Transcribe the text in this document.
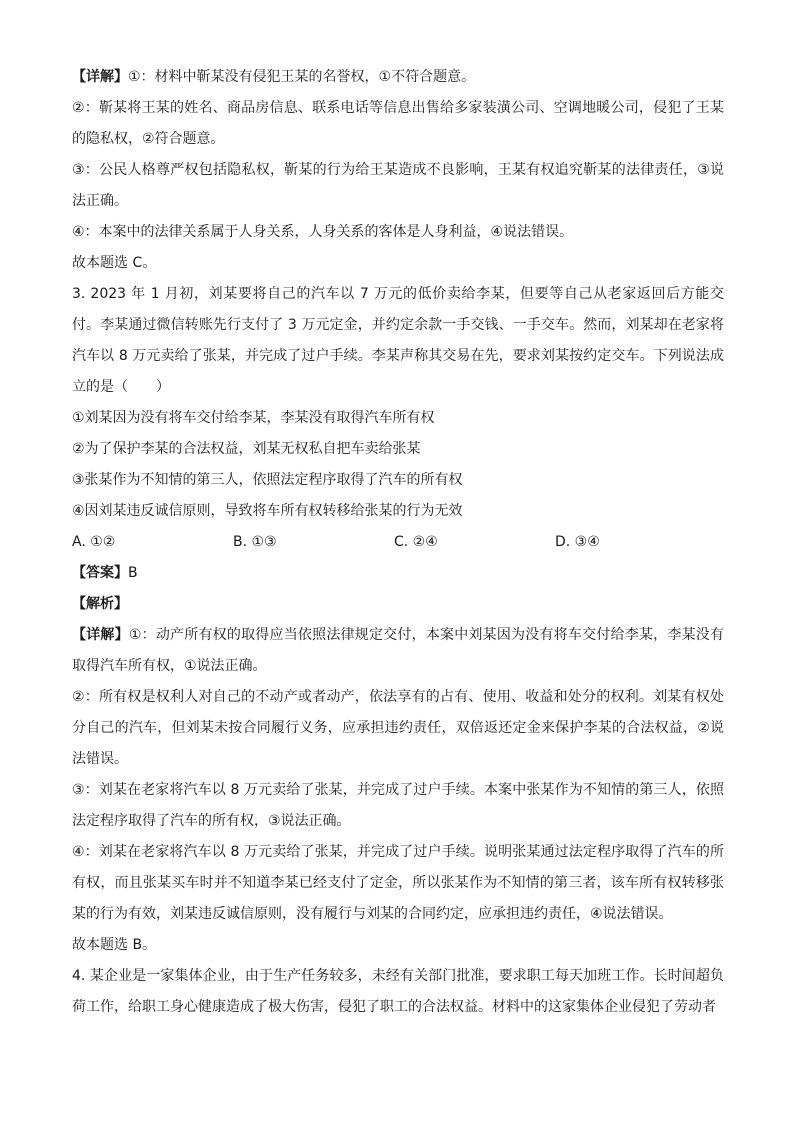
【详解】①：材料中靳某没有侵犯王某的名誉权，①不符合题意。

②：靳某将王某的姓名、商品房信息、联系电话等信息出售给多家装潢公司、空调地暖公司，侵犯了王某的隐私权，②符合题意。

③：公民人格尊严权包括隐私权，靳某的行为给王某造成不良影响，王某有权追究靳某的法律责任，③说法正确。

④：本案中的法律关系属于人身关系，人身关系的客体是人身利益，④说法错误。

故本题选 C。

3. 2023 年 1 月初，刘某要将自己的汽车以 7 万元的低价卖给李某，但要等自己从老家返回后方能交付。李某通过微信转账先行支付了 3 万元定金，并约定余款一手交钱、一手交车。然而，刘某却在老家将汽车以 8 万元卖给了张某，并完成了过户手续。李某声称其交易在先，要求刘某按约定交车。下列说法成立的是（　　）

①刘某因为没有将车交付给李某，李某没有取得汽车所有权

②为了保护李某的合法权益，刘某无权私自把车卖给张某

③张某作为不知情的第三人，依照法定程序取得了汽车的所有权

④因刘某违反诚信原则，导致将车所有权转移给张某的行为无效

A. ①②	B. ①③	C. ②④	D. ③④

【答案】B

【解析】

【详解】①：动产所有权的取得应当依照法律规定交付，本案中刘某因为没有将车交付给李某，李某没有取得汽车所有权，①说法正确。

②：所有权是权利人对自己的不动产或者动产，依法享有的占有、使用、收益和处分的权利。刘某有权处分自己的汽车，但刘某未按合同履行义务，应承担违约责任，双倍返还定金来保护李某的合法权益，②说法错误。

③：刘某在老家将汽车以 8 万元卖给了张某，并完成了过户手续。本案中张某作为不知情的第三人，依照法定程序取得了汽车的所有权，③说法正确。

④：刘某在老家将汽车以 8 万元卖给了张某，并完成了过户手续。说明张某通过法定程序取得了汽车的所有权，而且张某买车时并不知道李某已经支付了定金，所以张某作为不知情的第三者，该车所有权转移张某的行为有效，刘某违反诚信原则，没有履行与刘某的合同约定，应承担违约责任，④说法错误。

故本题选 B。

4. 某企业是一家集体企业，由于生产任务较多，未经有关部门批准，要求职工每天加班工作。长时间超负荷工作，给职工身心健康造成了极大伤害，侵犯了职工的合法权益。材料中的这家集体企业侵犯了劳动者
